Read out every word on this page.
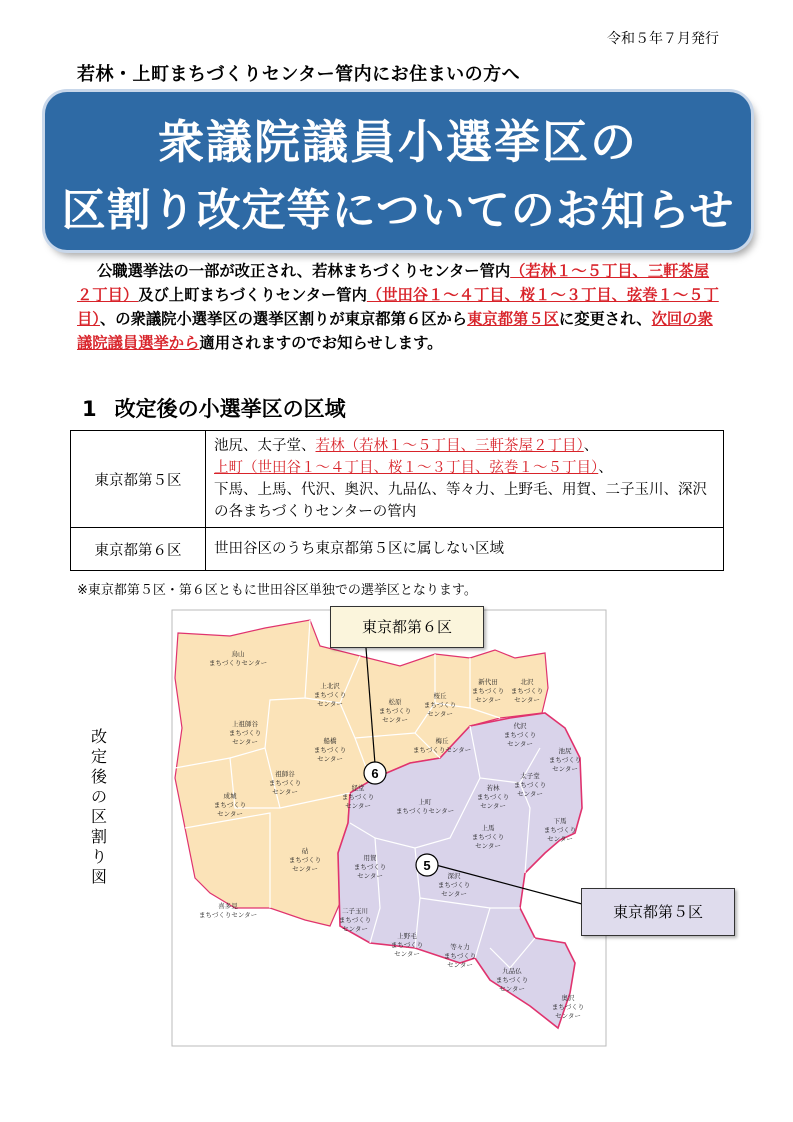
令和５年７月発行
若林・上町まちづくりセンター管内にお住まいの方へ
衆議院議員小選挙区の
区割り改定等についてのお知らせ
公職選挙法の一部が改正され、若林まちづくりセンター管内（若林１～５丁目、三軒茶屋２丁目）及び上町まちづくりセンター管内（世田谷１～４丁目、桜１～３丁目、弦巻１～５丁目）、の衆議院小選挙区の選挙区割りが東京都第６区から東京都第５区に変更され、次回の衆議院議員選挙から適用されますのでお知らせします。
1 改定後の小選挙区の区域
東京都第５区	池尻、太子堂、若林（若林１～５丁目、三軒茶屋２丁目）、
上町（世田谷１～４丁目、桜１～３丁目、弦巻１～５丁目）、
下馬、上馬、代沢、奥沢、九品仏、等々力、上野毛、用賀、二子玉川、深沢の各まちづくりセンターの管内
東京都第６区	世田谷区のうち東京都第５区に属しない区域
※東京都第５区・第６区ともに世田谷区単独での選挙区となります。
改定後の区割り図
烏山まちづくりセンター
上北沢まちづくりセンター	松原まちづくりセンター
新代田まちづくりセンター
北沢まちづくりセンター
桜丘まちづくりセンター
上祖師谷まちづくりセンター	船橋まちづくりセンター
梅丘まちづくりセンター
代沢まちづくりセンター
祖師谷まちづくりセンター
成城まちづくりセンター
経堂まちづくりセンター
若林まちづくりセンター
太子堂まちづくりセンター
池尻まちづくりセンター
上町まちづくりセンター
上馬まちづくりセンター
下馬まちづくりセンター
砧まちづくりセンター
用賀まちづくりセンター	深沢まちづくりセンター
喜多見まちづくりセンター
二子玉川まちづくりセンター
上野毛まちづくりセンター
等々力まちづくりセンター
九品仏まちづくりセンター
奥沢まちづくりセンター
6
5
東京都第６区
東京都第５区
